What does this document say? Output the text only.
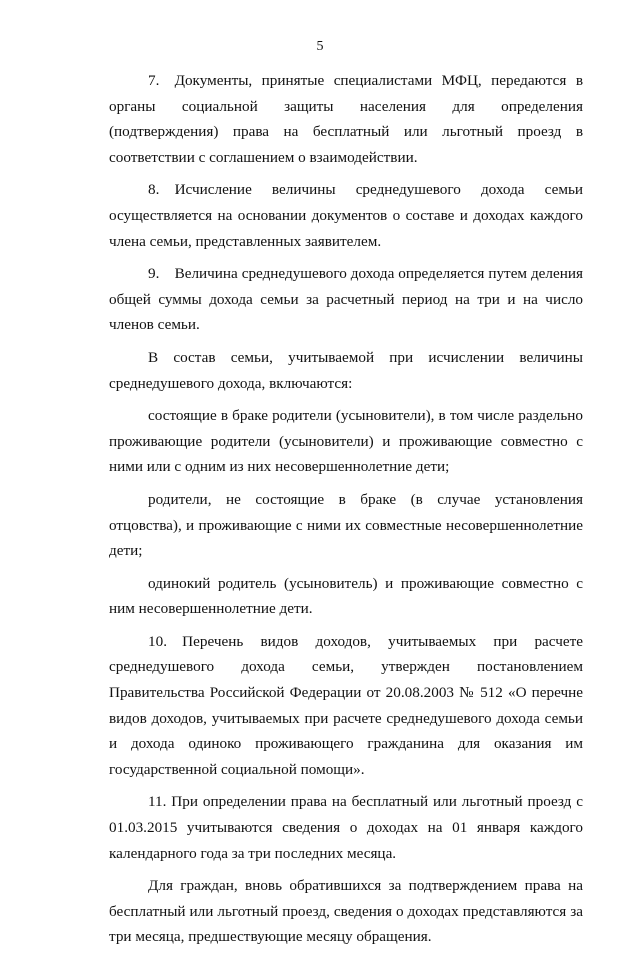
5

7. Документы, принятые специалистами МФЦ, передаются в органы социальной защиты населения для определения (подтверждения) права на бесплатный или льготный проезд в соответствии с соглашением о взаимодействии.

8. Исчисление величины среднедушевого дохода семьи осуществляется на основании документов о составе и доходах каждого члена семьи, представленных заявителем.

9. Величина среднедушевого дохода определяется путем деления общей суммы дохода семьи за расчетный период на три и на число членов семьи.

В состав семьи, учитываемой при исчислении величины среднедушевого дохода, включаются:

состоящие в браке родители (усыновители), в том числе раздельно проживающие родители (усыновители) и проживающие совместно с ними или с одним из них несовершеннолетние дети;

родители, не состоящие в браке (в случае установления отцовства), и проживающие с ними их совместные несовершеннолетние дети;

одинокий родитель (усыновитель) и проживающие совместно с ним несовершеннолетние дети.

10. Перечень видов доходов, учитываемых при расчете среднедушевого дохода семьи, утвержден постановлением Правительства Российской Федерации от 20.08.2003 № 512 «О перечне видов доходов, учитываемых при расчете среднедушевого дохода семьи и дохода одиноко проживающего гражданина для оказания им государственной социальной помощи».

11. При определении права на бесплатный или льготный проезд с 01.03.2015 учитываются сведения о доходах на 01 января каждого календарного года за три последних месяца.

Для граждан, вновь обратившихся за подтверждением права на бесплатный или льготный проезд, сведения о доходах представляются за три месяца, предшествующие месяцу обращения.
